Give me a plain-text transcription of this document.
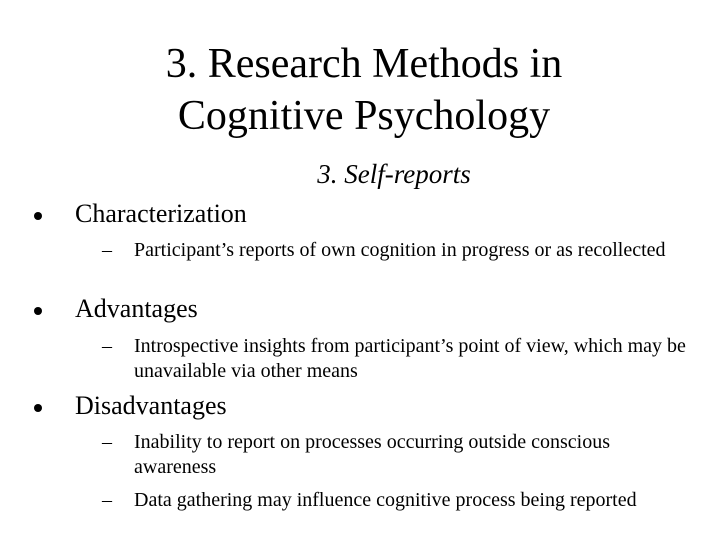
3. Research Methods in
Cognitive Psychology
3. Self-reports
Characterization
–	Participant’s reports of own cognition in progress or as recollected
Advantages
–	Introspective insights from participant’s point of view, which may be unavailable via other means
Disadvantages
–	Inability to report on processes occurring outside conscious awareness
–	Data gathering may influence cognitive process being reported
